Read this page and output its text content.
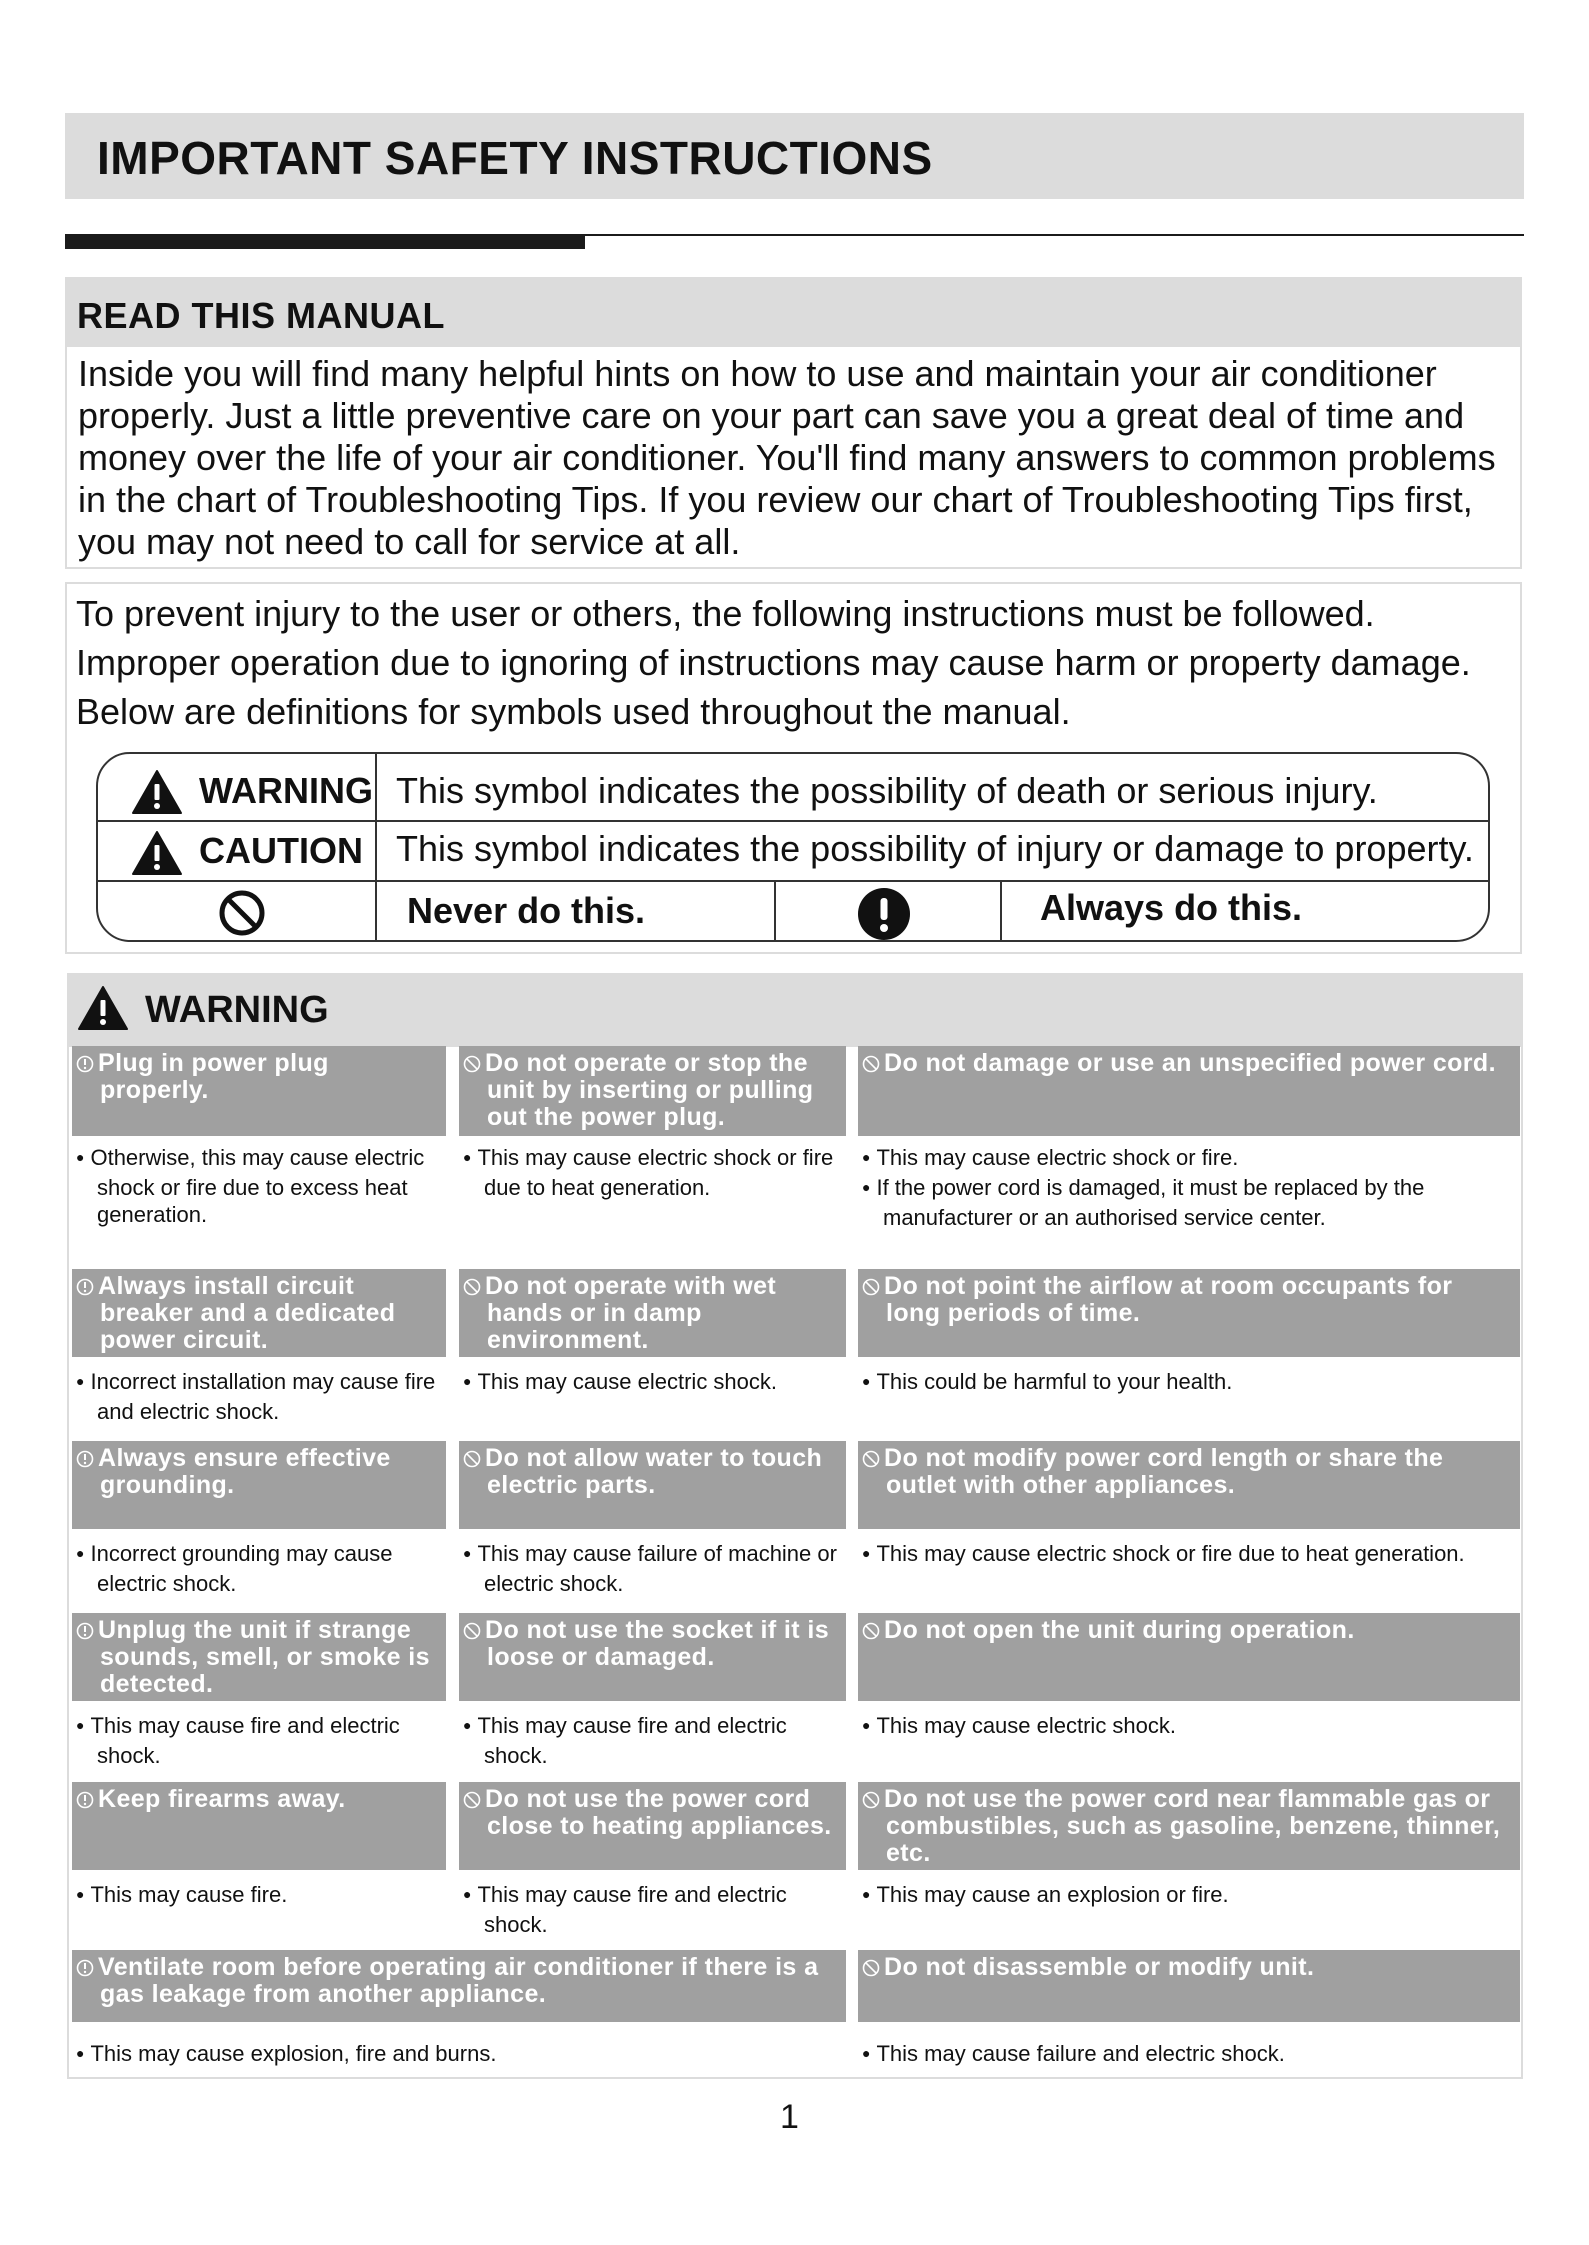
IMPORTANT SAFETY INSTRUCTIONS
READ THIS MANUAL
Inside you will find many helpful hints on how to use and maintain your air conditioner properly. Just a little preventive care on your part can save you a great deal of time and money over the life of your air conditioner. You'll find many answers to common problems in the chart of Troubleshooting Tips. If you review our chart of Troubleshooting Tips first, you may not need to call for service at all.
To prevent injury to the user or others, the following instructions must be followed. Improper operation due to ignoring of instructions may cause harm or property damage. Below are definitions for symbols used throughout the manual.
WARNING This symbol indicates the possibility of death or serious injury.
CAUTION This symbol indicates the possibility of injury or damage to property.
Never do this.	Always do this.
WARNING
1
Plug in power plug properly.
● Otherwise, this may cause electric shock or fire due to excess heat generation.
Do not operate or stop the unit by inserting or pulling out the power plug.
● This may cause electric shock or fire due to heat generation.
Do not damage or use an unspecified power cord.
● This may cause electric shock or fire.
● If the power cord is damaged, it must be replaced by the manufacturer or an authorised service center.
Always install circuit breaker and a dedicated power circuit.
● Incorrect installation may cause fire and electric shock.
Do not operate with wet hands or in damp environment.
● This may cause electric shock.
Do not point the airflow at room occupants for long periods of time.
● This could be harmful to your health.
Always ensure effective grounding.
● Incorrect grounding may cause electric shock.
Do not allow water to touch electric parts.
● This may cause failure of machine or electric shock.
Do not modify power cord length or share the outlet with other appliances.
● This may cause electric shock or fire due to heat generation.
Unplug the unit if strange sounds, smell, or smoke is detected.
● This may cause fire and electric shock.
Do not use the socket if it is loose or damaged.
● This may cause fire and electric shock.
Do not open the unit during operation.
● This may cause electric shock.
Keep firearms away.
● This may cause fire.
Do not use the power cord close to heating appliances.
● This may cause fire and electric shock.
Do not use the power cord near flammable gas or combustibles, such as gasoline, benzene, thinner, etc.
● This may cause an explosion or fire.
Ventilate room before operating air conditioner if there is a gas leakage from another appliance.
● This may cause explosion, fire and burns.
Do not disassemble or modify unit.
● This may cause failure and electric shock.
